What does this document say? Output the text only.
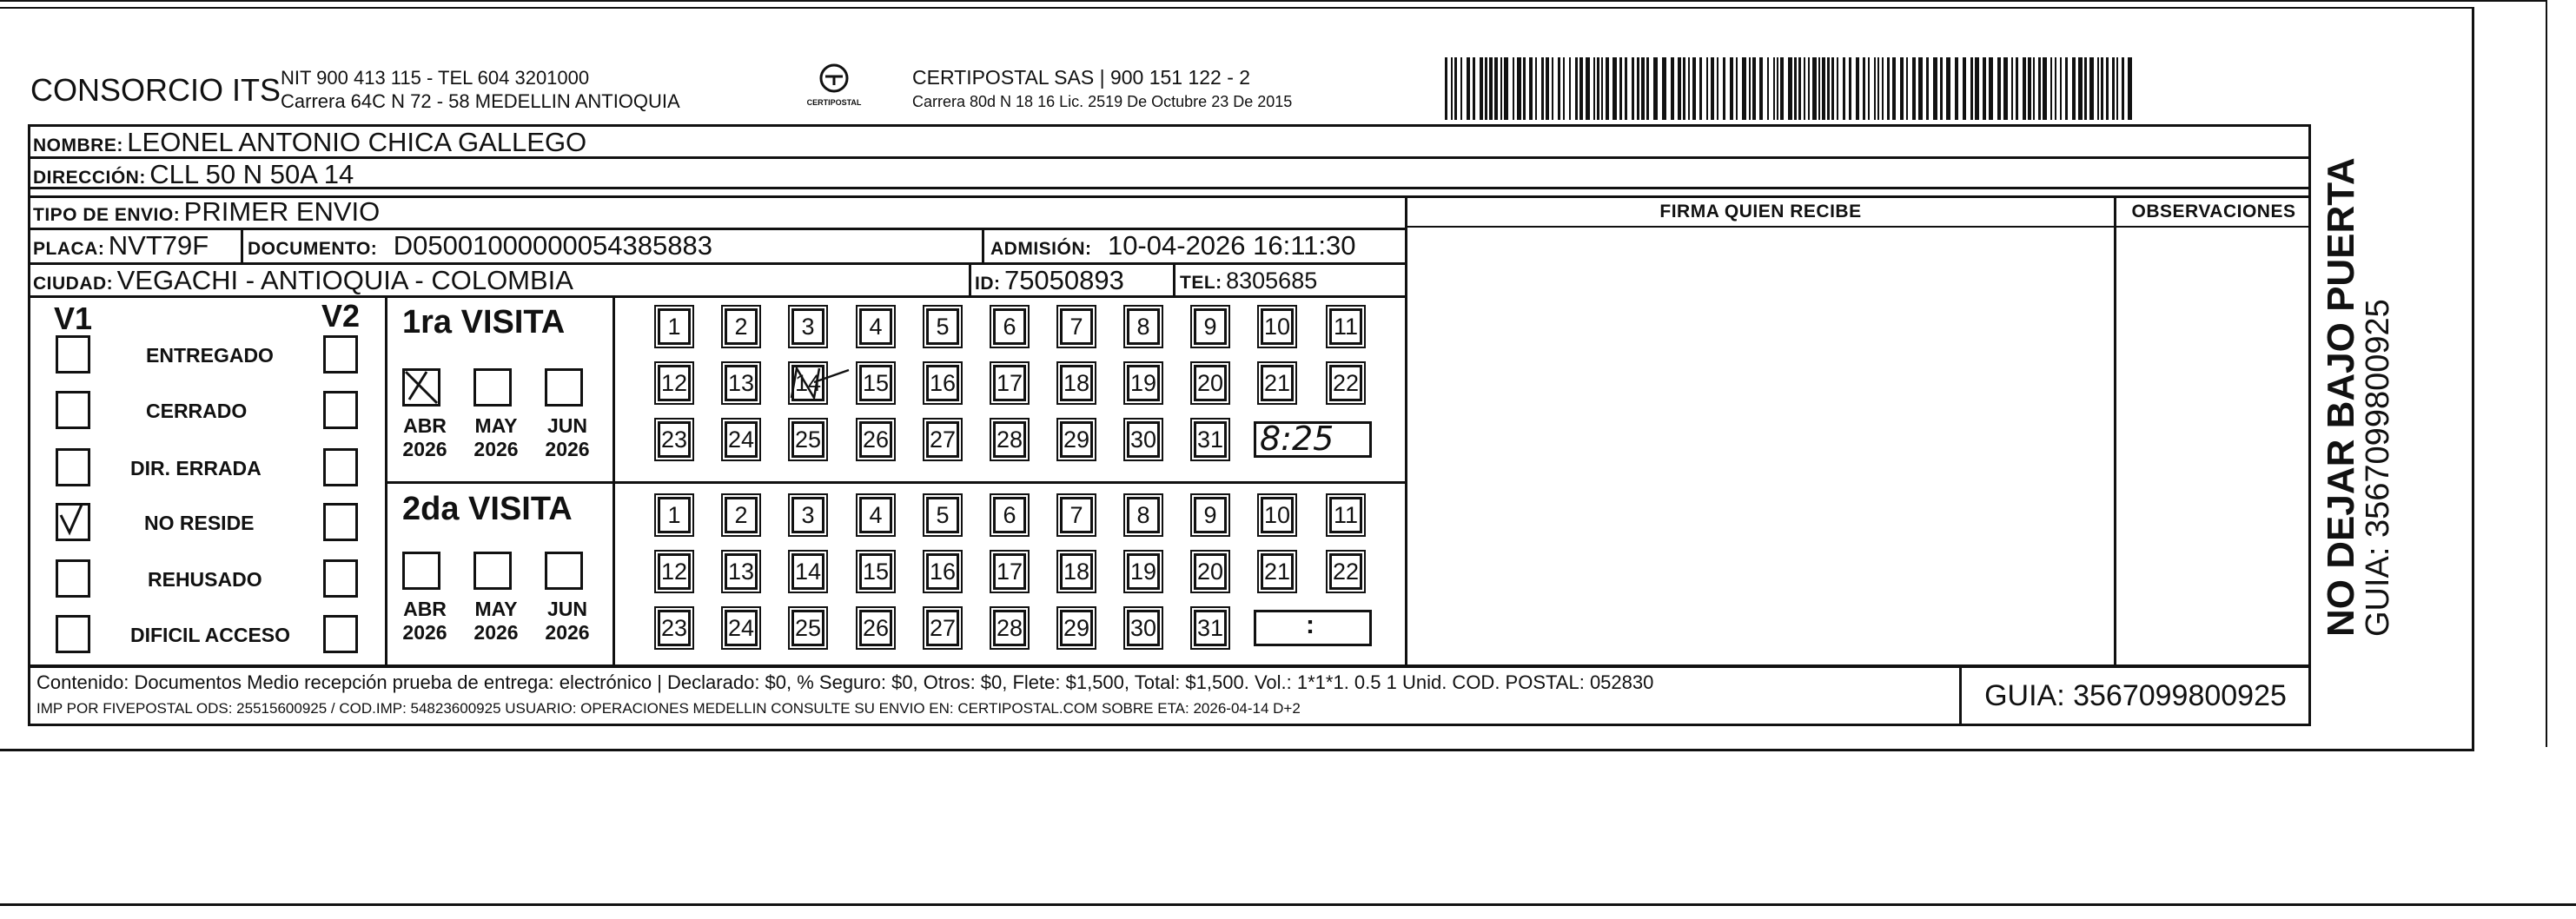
CONSORCIO ITS NIT 900 413 115 - TEL 604 3201000
Carrera 64C N 72 - 58 MEDELLIN ANTIOQUIA	CERTIPOSTAL
CERTIPOSTAL SAS | 900 151 122 - 2
Carrera 80d N 18 16 Lic. 2519 De Octubre 23 De 2015
NOMBRE: LEONEL ANTONIO CHICA GALLEGO
DIRECCIÓN: CLL 50 N 50A 14
TIPO DE ENVIO: PRIMER ENVIO
PLACA: NVT79F DOCUMENTO: D05001000000054385883	ADMISIÓN: 10-04-2026 16:11:30
CIUDAD: VEGACHI - ANTIOQUIA - COLOMBIA	ID: 75050893	TEL: 8305685
FIRMA QUIEN RECIBE	OBSERVACIONES
V1	V2
ENTREGADO
CERRADO
DIR. ERRADA
NO RESIDE
REHUSADO
DIFICIL ACCESO
1ra VISITA
2da VISITA
1	2	3	4	5	6	7	8	9	10 11
12 13 14 15 16 17 18 19 20 21 22
23 24 25 26 27 28 29 30 31 8:25
1	2	3	4	5	6	7	8	9	10 11
12 13 14 15 16 17 18 19 20 21 22
23 24 25 26 27 28 29 30 31	:
ABR
2026
MAY
2026
JUN
2026
ABR
2026
MAY
2026
JUN
2026
Contenido: Documentos Medio recepción prueba de entrega: electrónico | Declarado: $0, % Seguro: $0, Otros: $0, Flete: $1,500, Total: $1,500. Vol.: 1*1*1. 0.5 1 Unid. COD. POSTAL: 052830
IMP POR FIVEPOSTAL ODS: 25515600925 / COD.IMP: 54823600925 USUARIO: OPERACIONES MEDELLIN CONSULTE SU ENVIO EN: CERTIPOSTAL.COM SOBRE ETA: 2026-04-14 D+2	GUIA: 3567099800925
NO DEJAR BAJO PUERTA
GUIA: 3567099800925
